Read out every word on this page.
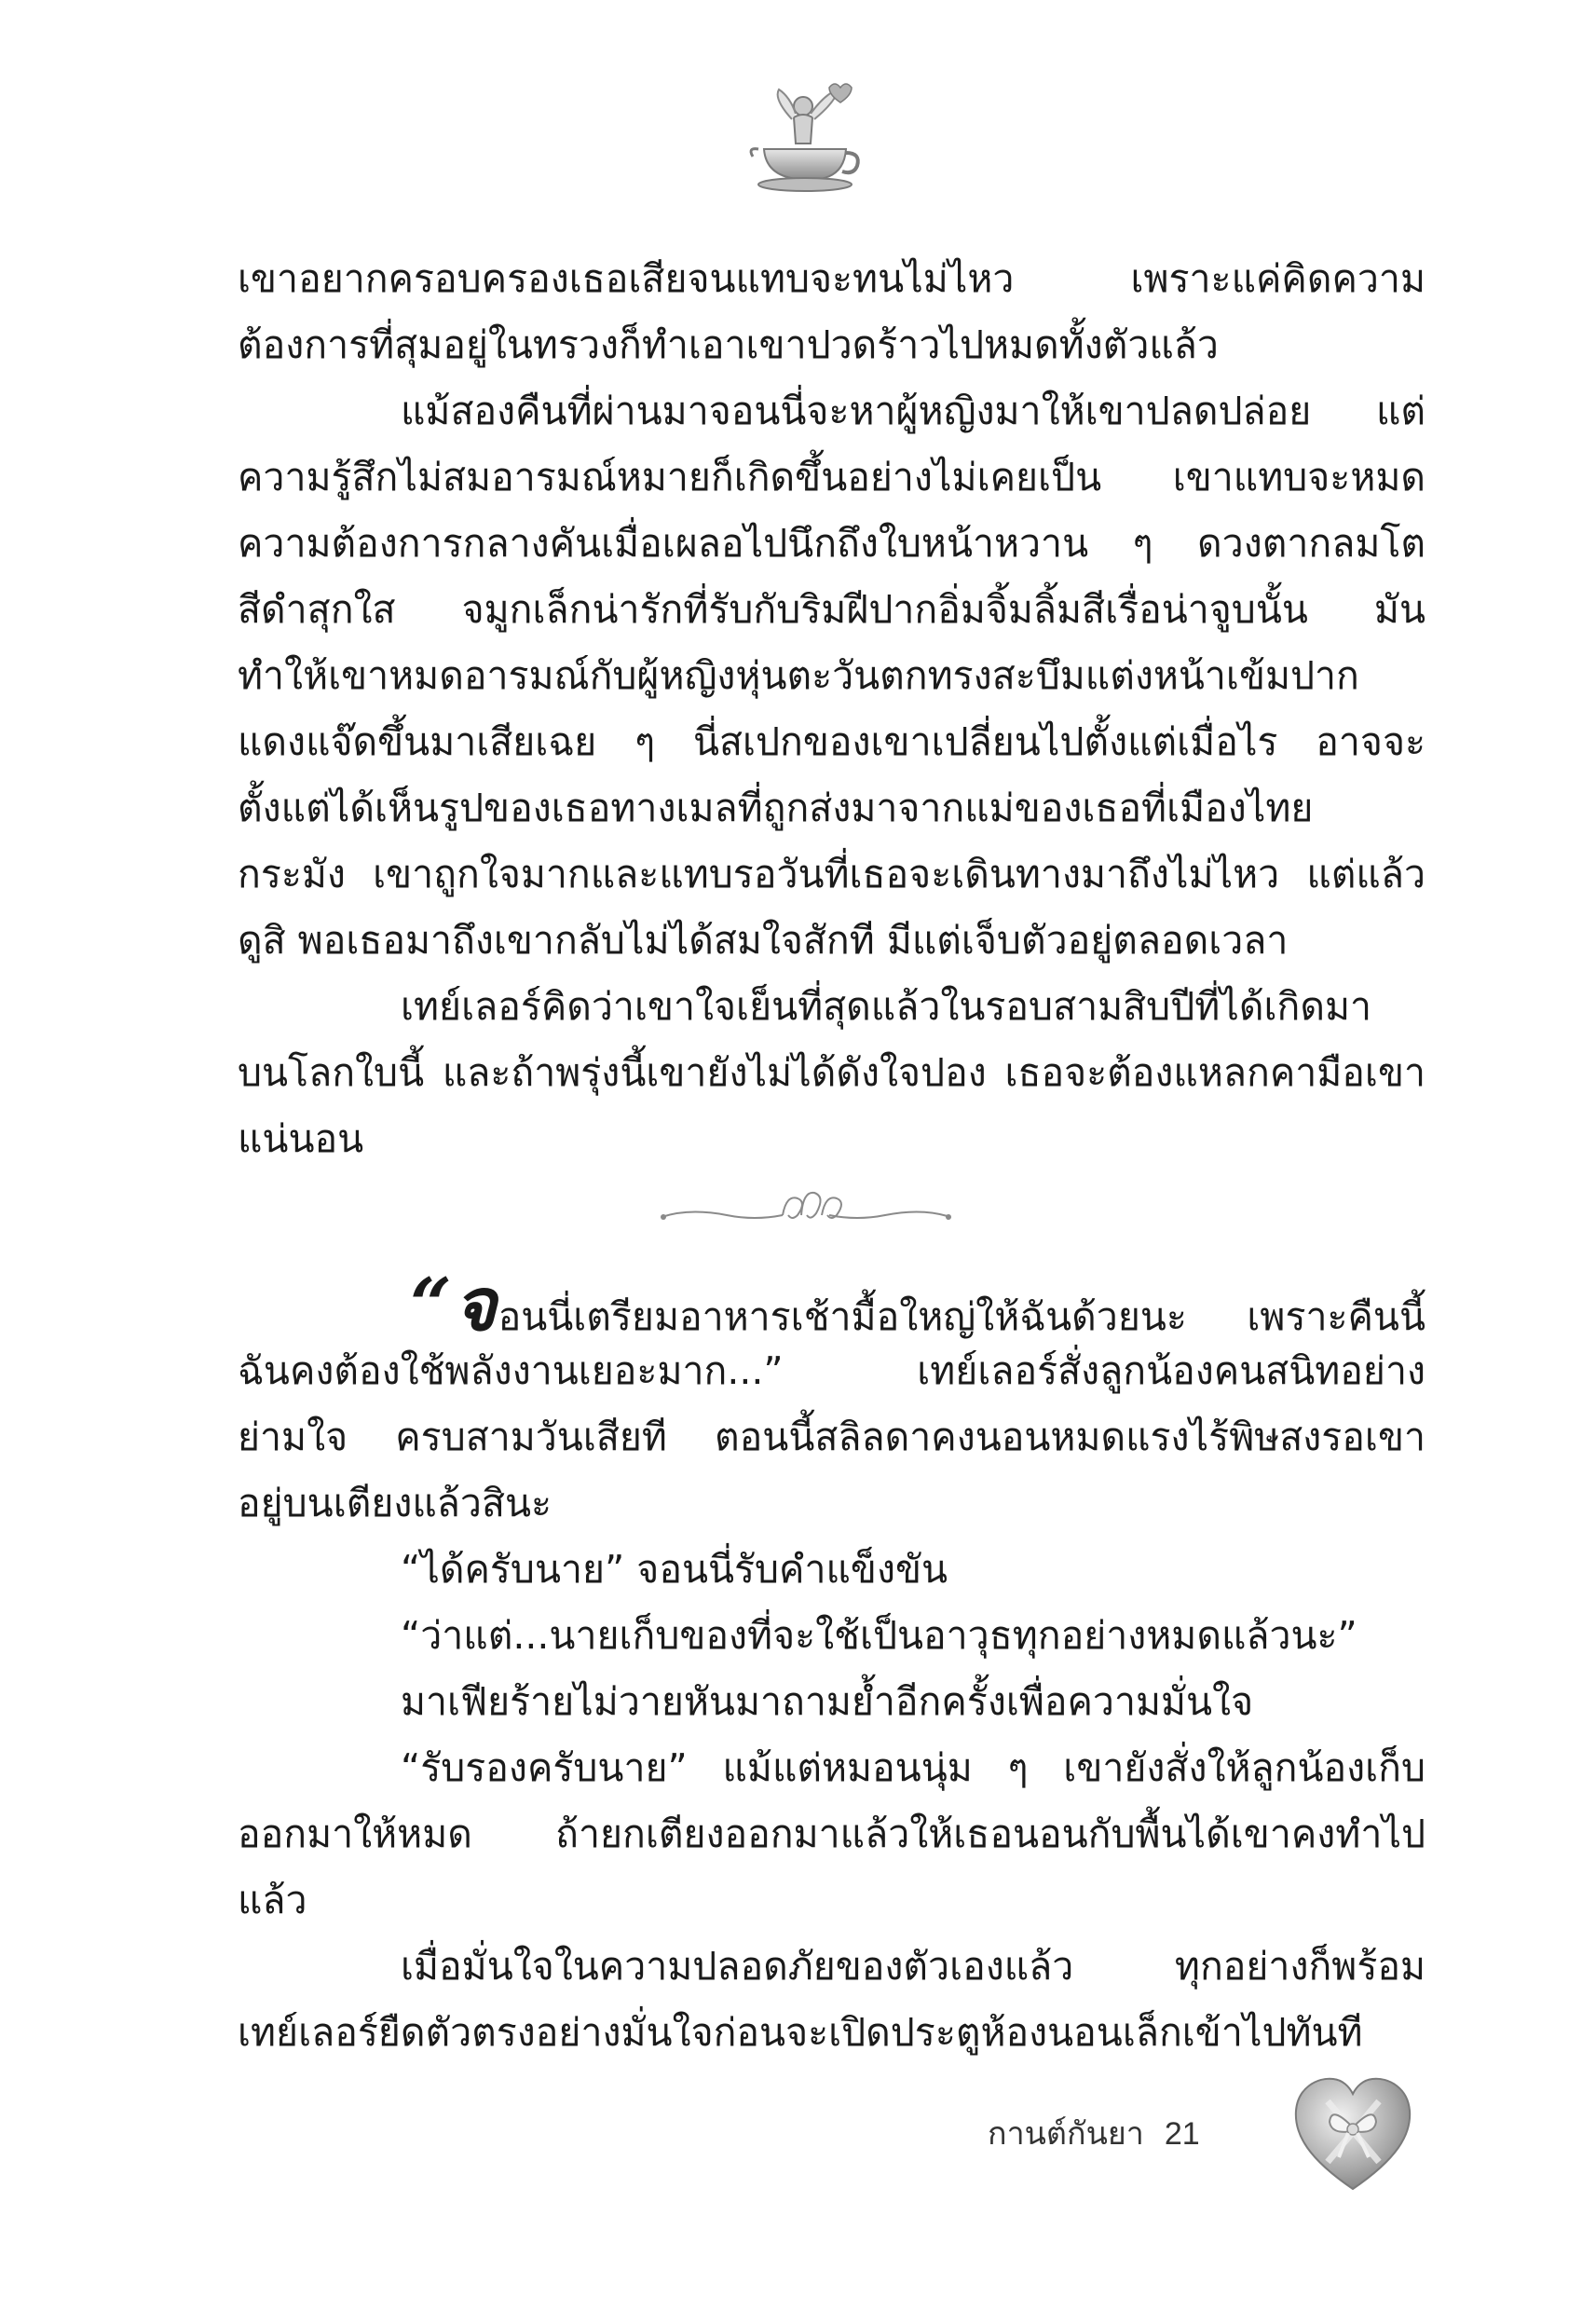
เขาอยากครอบครองเธอเสียจนแทบจะทนไม่ไหว เพราะแค่คิดความ
ต้องการที่สุมอยู่ในทรวงก็ทำเอาเขาปวดร้าวไปหมดทั้งตัวแล้ว
แม้สองคืนที่ผ่านมาจอนนี่จะหาผู้หญิงมาให้เขาปลดปล่อย แต่
ความรู้สึกไม่สมอารมณ์หมายก็เกิดขึ้นอย่างไม่เคยเป็น เขาแทบจะหมด
ความต้องการกลางคันเมื่อเผลอไปนึกถึงใบหน้าหวาน ๆ ดวงตากลมโต
สีดำสุกใส จมูกเล็กน่ารักที่รับกับริมฝีปากอิ่มจิ้มลิ้มสีเรื่อน่าจูบนั้น มัน
ทำให้เขาหมดอารมณ์กับผู้หญิงหุ่นตะวันตกทรงสะบึมแต่งหน้าเข้มปาก
แดงแจ๊ดขึ้นมาเสียเฉย ๆ นี่สเปกของเขาเปลี่ยนไปตั้งแต่เมื่อไร อาจจะ
ตั้งแต่ได้เห็นรูปของเธอทางเมลที่ถูกส่งมาจากแม่ของเธอที่เมืองไทย
กระมัง เขาถูกใจมากและแทบรอวันที่เธอจะเดินทางมาถึงไม่ไหว แต่แล้ว
ดูสิ พอเธอมาถึงเขากลับไม่ได้สมใจสักที มีแต่เจ็บตัวอยู่ตลอดเวลา
เทย์เลอร์คิดว่าเขาใจเย็นที่สุดแล้วในรอบสามสิบปีที่ได้เกิดมา
บนโลกใบนี้ และถ้าพรุ่งนี้เขายังไม่ได้ดังใจปอง เธอจะต้องแหลกคามือเขา
แน่นอน
“จอนนี่เตรียมอาหารเช้ามื้อใหญ่ให้ฉันด้วยนะ เพราะคืนนี้
ฉันคงต้องใช้พลังงานเยอะมาก...” เทย์เลอร์สั่งลูกน้องคนสนิทอย่าง
ย่ามใจ ครบสามวันเสียที ตอนนี้สลิลดาคงนอนหมดแรงไร้พิษสงรอเขา
อยู่บนเตียงแล้วสินะ
“ได้ครับนาย” จอนนี่รับคำแข็งขัน
“ว่าแต่...นายเก็บของที่จะใช้เป็นอาวุธทุกอย่างหมดแล้วนะ”
มาเฟียร้ายไม่วายหันมาถามย้ำอีกครั้งเพื่อความมั่นใจ
“รับรองครับนาย” แม้แต่หมอนนุ่ม ๆ เขายังสั่งให้ลูกน้องเก็บ
ออกมาให้หมด ถ้ายกเตียงออกมาแล้วให้เธอนอนกับพื้นได้เขาคงทำไป
แล้ว
เมื่อมั่นใจในความปลอดภัยของตัวเองแล้ว ทุกอย่างก็พร้อม
เทย์เลอร์ยืดตัวตรงอย่างมั่นใจก่อนจะเปิดประตูห้องนอนเล็กเข้าไปทันที
กานต์กันยา 21
